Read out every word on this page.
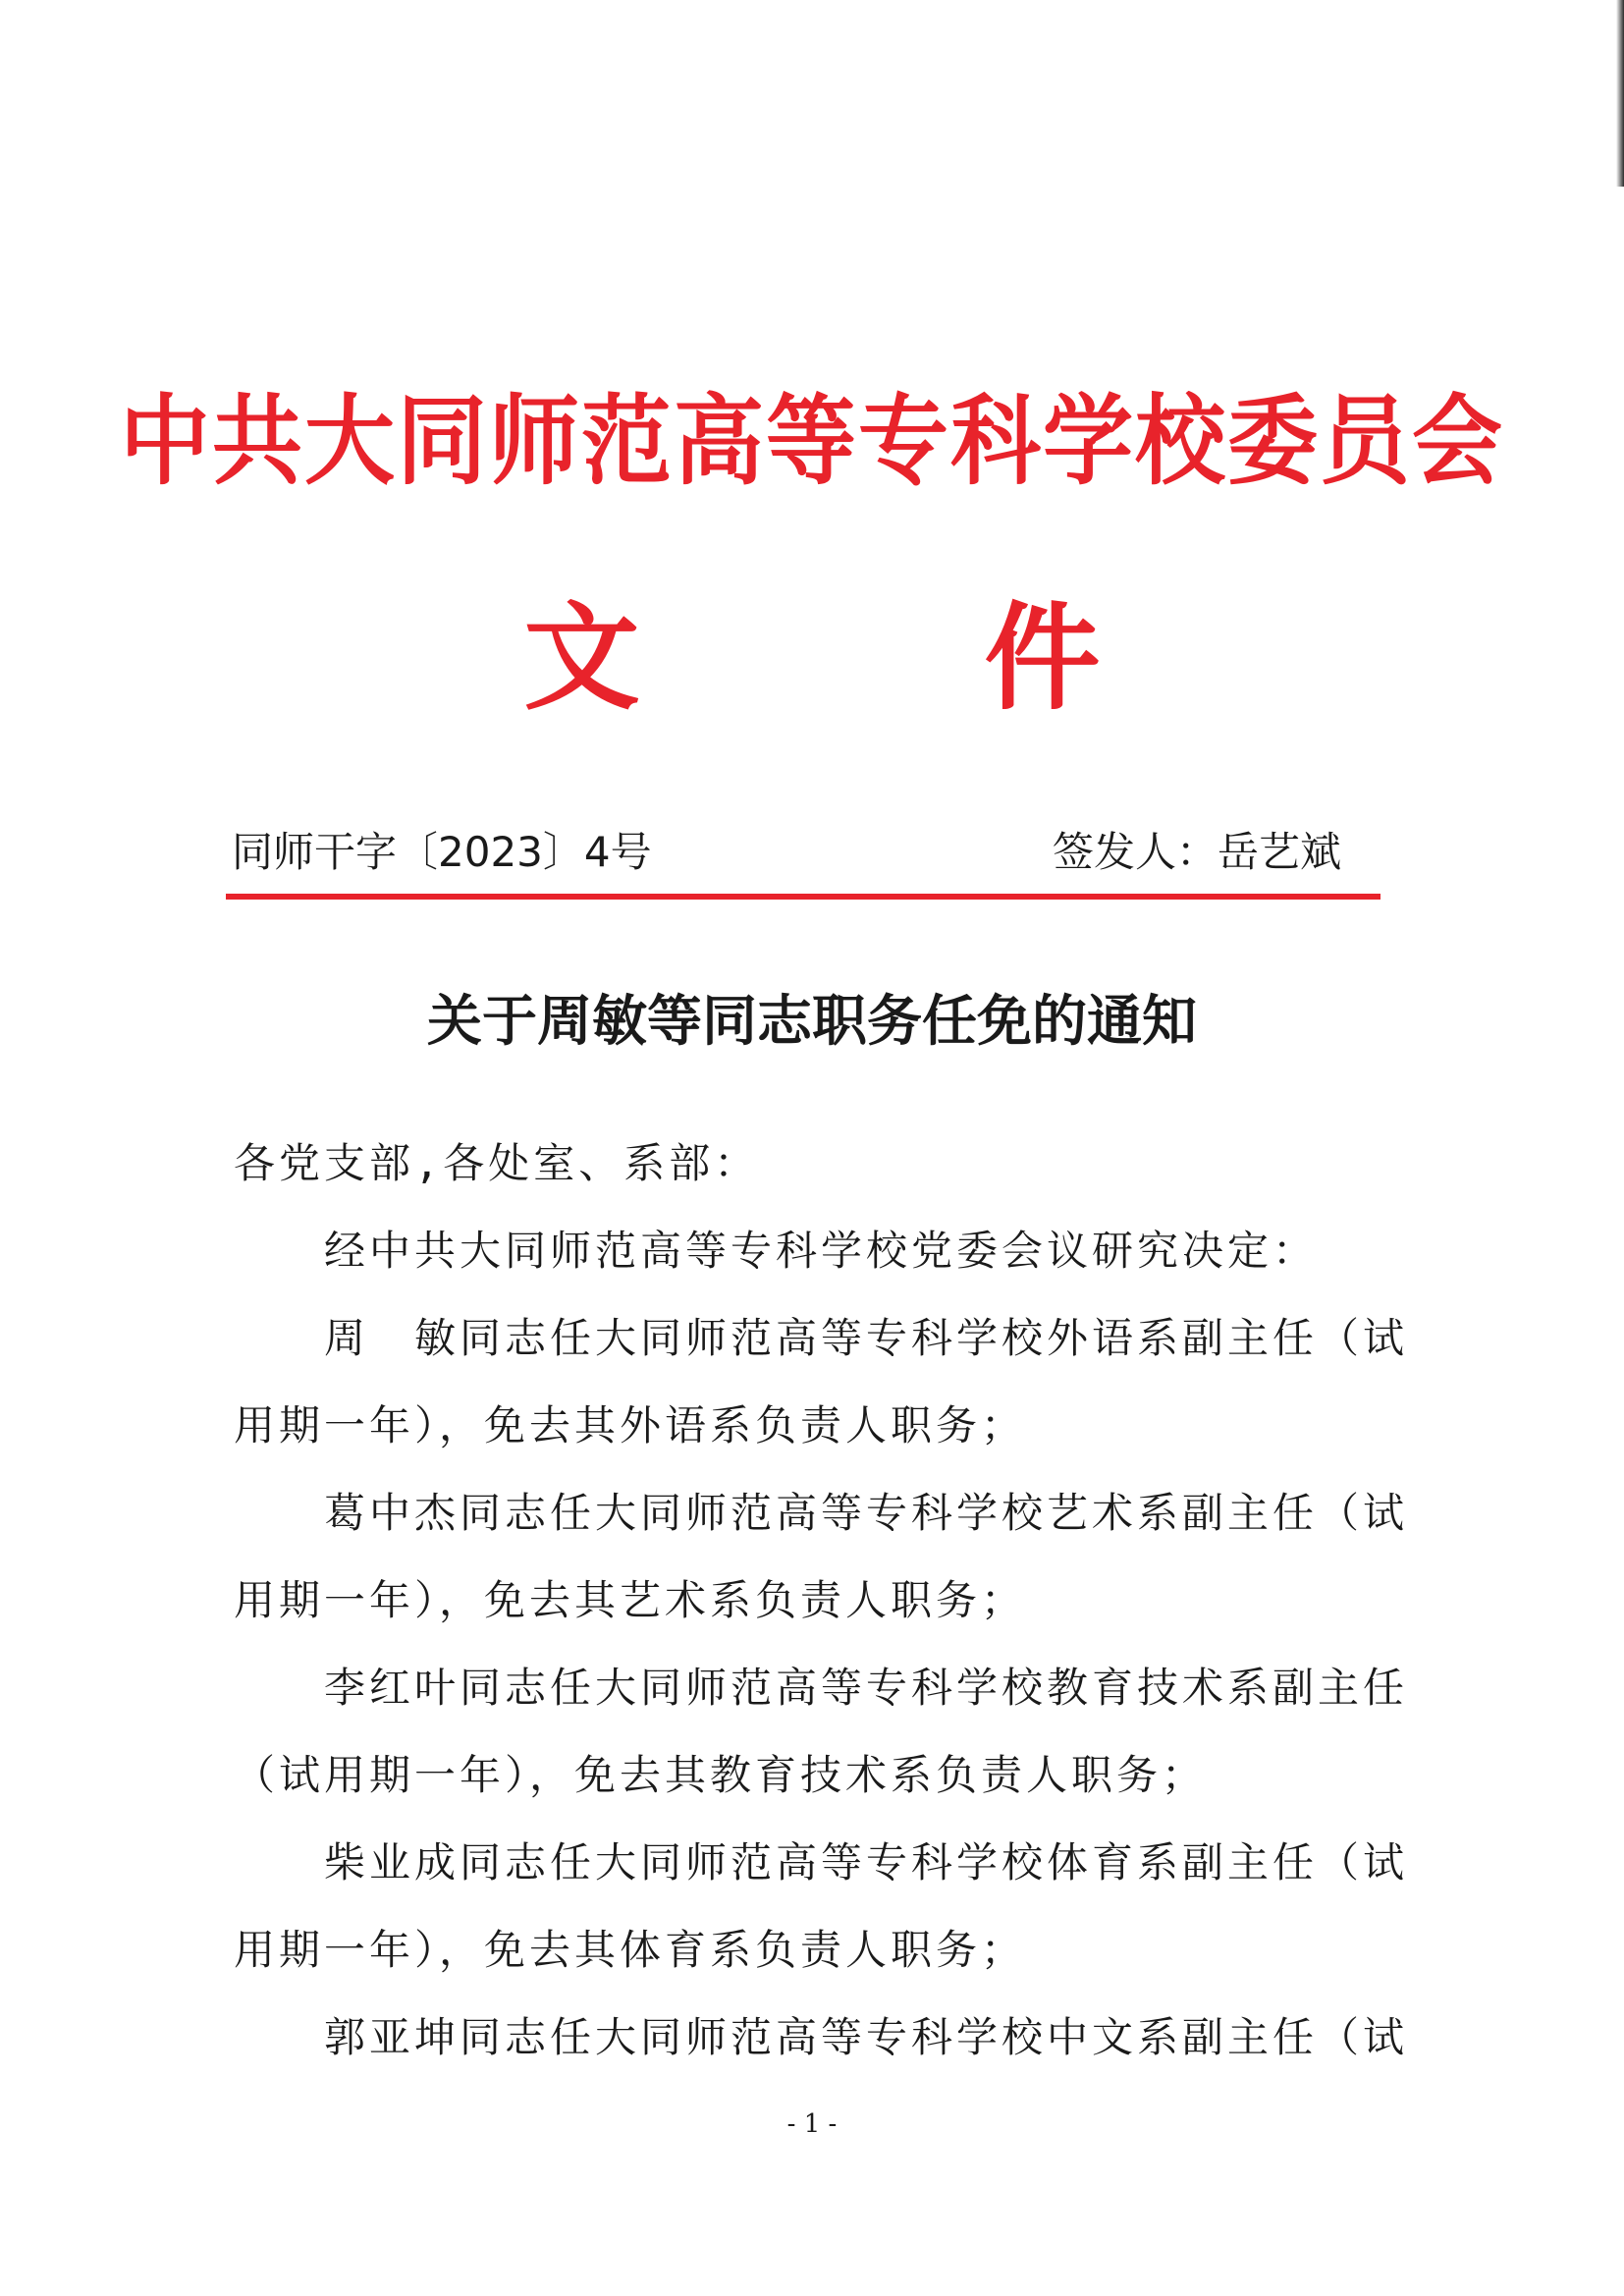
中共大同师范高等专科学校委员会
文 件
同师干字〔2023〕4号	签发人：岳艺斌
关于周敏等同志职务任免的通知
各党支部,各处室、系部：
经中共大同师范高等专科学校党委会议研究决定：
周　敏同志任大同师范高等专科学校外语系副主任（试
用期一年），免去其外语系负责人职务；
葛中杰同志任大同师范高等专科学校艺术系副主任（试
用期一年），免去其艺术系负责人职务；
李红叶同志任大同师范高等专科学校教育技术系副主任
（试用期一年），免去其教育技术系负责人职务；
柴业成同志任大同师范高等专科学校体育系副主任（试
用期一年），免去其体育系负责人职务；
郭亚坤同志任大同师范高等专科学校中文系副主任（试
- 1 -
